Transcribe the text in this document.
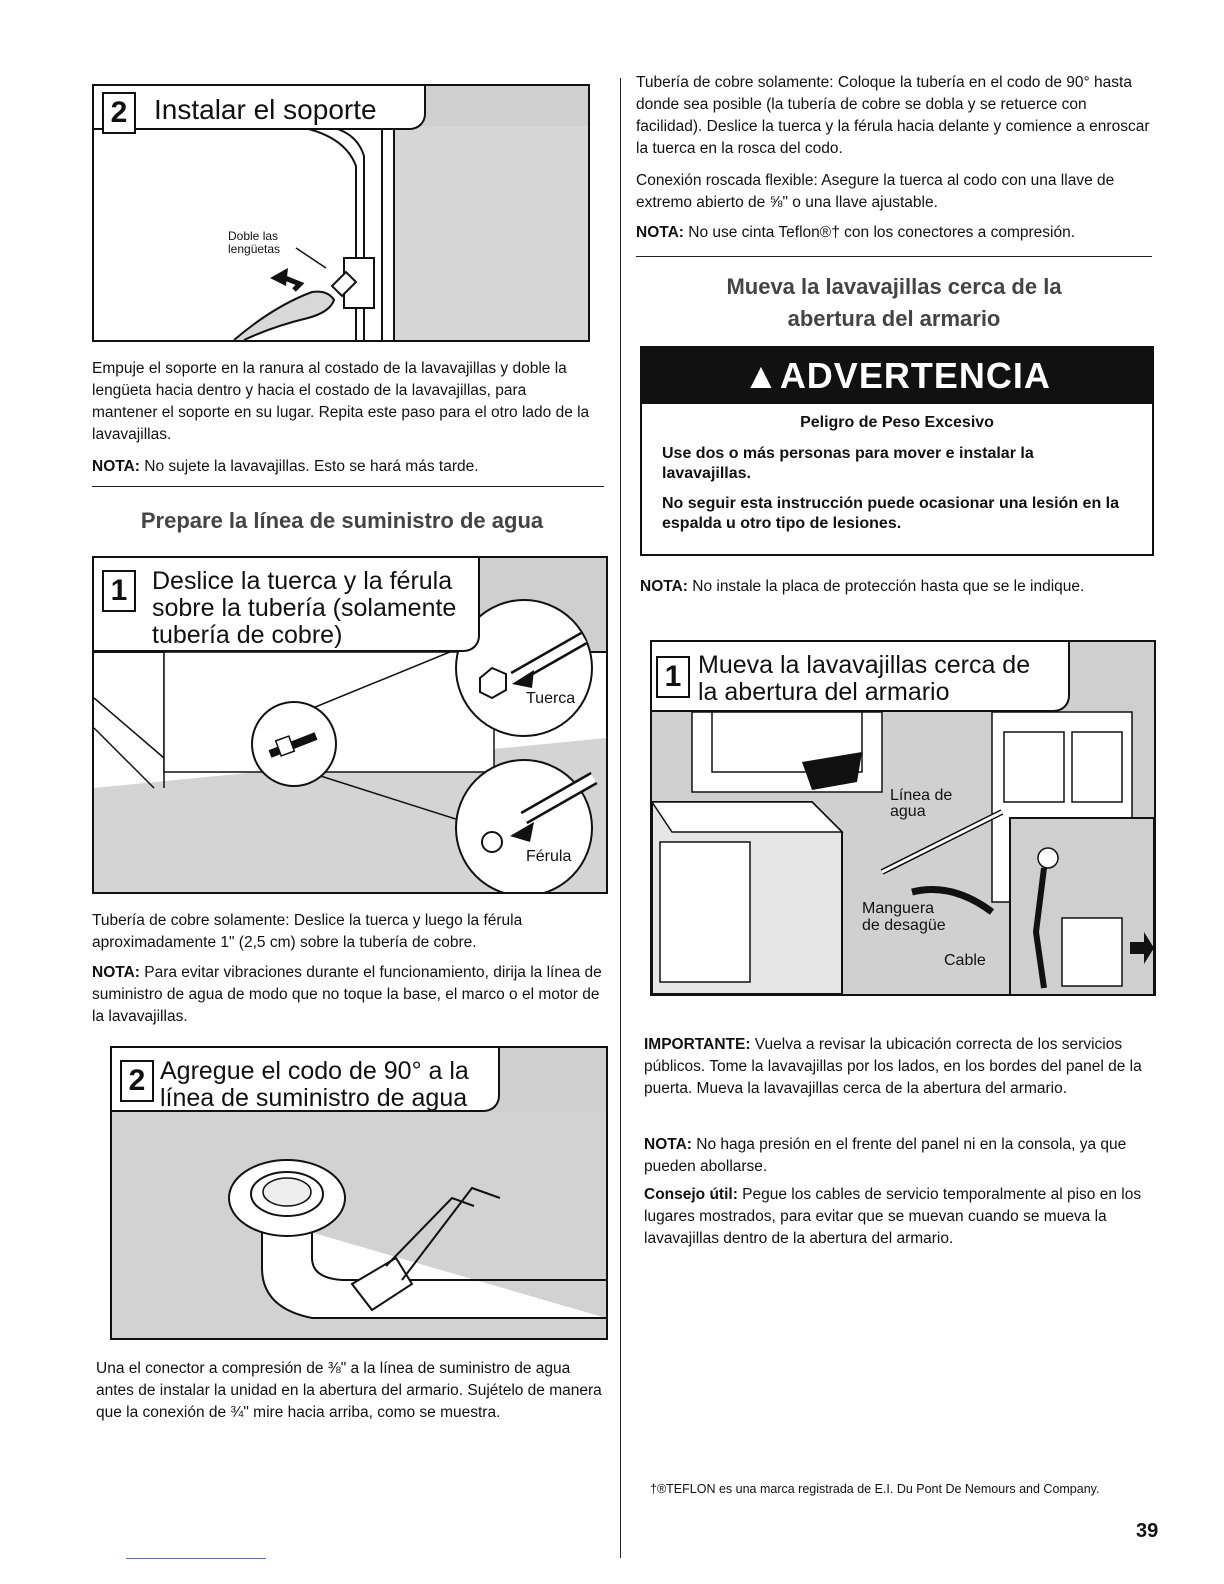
2 Instalar el soporte
Doble las
lengüetas

Empuje el soporte en la ranura al costado de la lavavajillas y doble la lengüeta hacia dentro y hacia el costado de la lavavajillas, para mantener el soporte en su lugar. Repita este paso para el otro lado de la lavavajillas.

NOTA: No sujete la lavavajillas. Esto se hará más tarde.

Prepare la línea de suministro de agua
1 Deslice la tuerca y la férula
sobre la tubería (solamente
tubería de cobre)
Tuerca
Férula

Tubería de cobre solamente: Deslice la tuerca y luego la férula aproximadamente 1" (2,5 cm) sobre la tubería de cobre.

NOTA: Para evitar vibraciones durante el funcionamiento, dirija la línea de suministro de agua de modo que no toque la base, el marco o el motor de la lavavajillas.

2 Agregue el codo de 90° a la
línea de suministro de agua

Una el conector a compresión de ⅜" a la línea de suministro de agua antes de instalar la unidad en la abertura del armario. Sujételo de manera que la conexión de ¾" mire hacia arriba, como se muestra.

Tubería de cobre solamente: Coloque la tubería en el codo de 90° hasta donde sea posible (la tubería de cobre se dobla y se retuerce con facilidad). Deslice la tuerca y la férula hacia delante y comience a enroscar la tuerca en la rosca del codo.

Conexión roscada flexible: Asegure la tuerca al codo con una llave de extremo abierto de ⅝" o una llave ajustable.

NOTA: No use cinta Teflon®† con los conectores a compresión.

Mueva la lavavajillas cerca de la
abertura del armario
▲ADVERTENCIA
Peligro de Peso Excesivo
Use dos o más personas para mover e instalar la lavavajillas.
No seguir esta instrucción puede ocasionar una lesión en la espalda u otro tipo de lesiones.

NOTA: No instale la placa de protección hasta que se le indique.

1 Mueva la lavavajillas cerca de
la abertura del armario
Línea de
agua
Manguera
de desagüe
Cable

IMPORTANTE: Vuelva a revisar la ubicación correcta de los servicios públicos. Tome la lavavajillas por los lados, en los bordes del panel de la puerta. Mueva la lavavajillas cerca de la abertura del armario.

NOTA: No haga presión en el frente del panel ni en la consola, ya que pueden abollarse.

Consejo útil: Pegue los cables de servicio temporalmente al piso en los lugares mostrados, para evitar que se muevan cuando se mueva la lavavajillas dentro de la abertura del armario.

†®TEFLON es una marca registrada de E.I. Du Pont De Nemours and Company.
39
